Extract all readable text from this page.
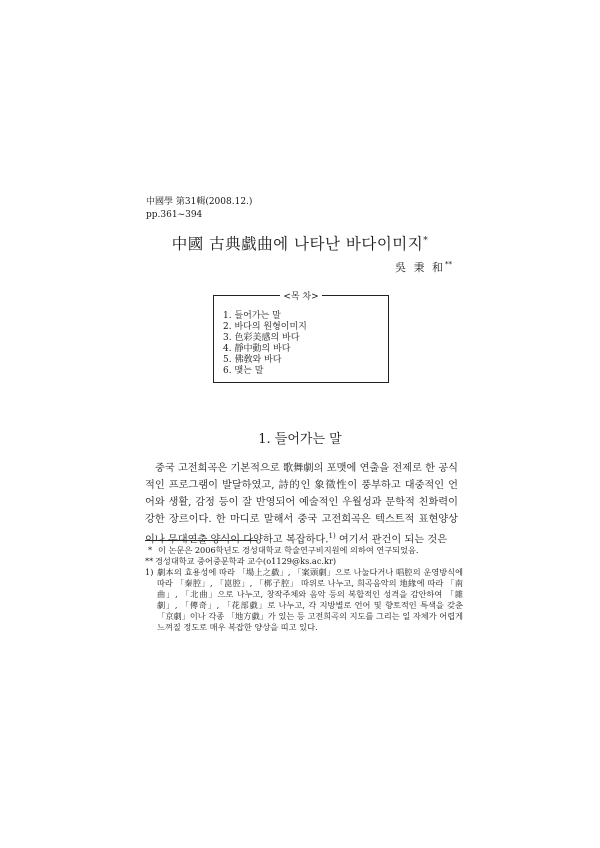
中國學 第31輯(2008.12.)
pp.361~394
中國 古典戱曲에 나타난 바다이미지*
吳 秉 和**
<목 차>
1. 들어가는 말
2. 바다의 원형이미지
3. 色彩美感의 바다
4. 靜中動의 바다
5. 佛敎와 바다
6. 맺는 말
1. 들어가는 말

중국 고전희곡은 기본적으로 歌舞劇의 포맷에 연출을 전제로 한 공식적인 프로그램이 발달하였고, 詩的인 象徵性이 풍부하고 대중적인 언어와 생활, 감정 등이 잘 반영되어 예술적인 우월성과 문학적 친화력이 강한 장르이다. 한 마디로 말해서 중국 고전희곡은 텍스트적 표현양상이나 무대연출 양식이 다양하고 복잡하다.$^{1)}$ 여기서 관건이 되는 것은

* 이 논문은 2006학년도 경성대학교 학술연구비지원에 의하여 연구되었음.

** 경성대학교 중어중문학과 교수(o1129@ks.ac.kr)

1) 劇本의 효용성에 따라 「場上之戱」, 「案頭劇」으로 나눌다거나 唱腔의 운영방식에 따라 「秦腔」, 「崑腔」, 「梆子腔」 따위로 나누고, 희곡음악의 地緣에 따라 「南曲」, 「北曲」으로 나누고, 창작주체와 음악 등의 복합적인 성격을 감안하여 「雜劇」, 「傳奇」, 「花部戱」로 나누고, 각 지방별로 언어 및 향토적인 특색을 갖춘 「京劇」이나 각종 「地方戱」가 있는 등 고전희곡의 지도를 그리는 일 자체가 어렵게 느껴질 정도로 매우 복잡한 양상을 띠고 있다.
